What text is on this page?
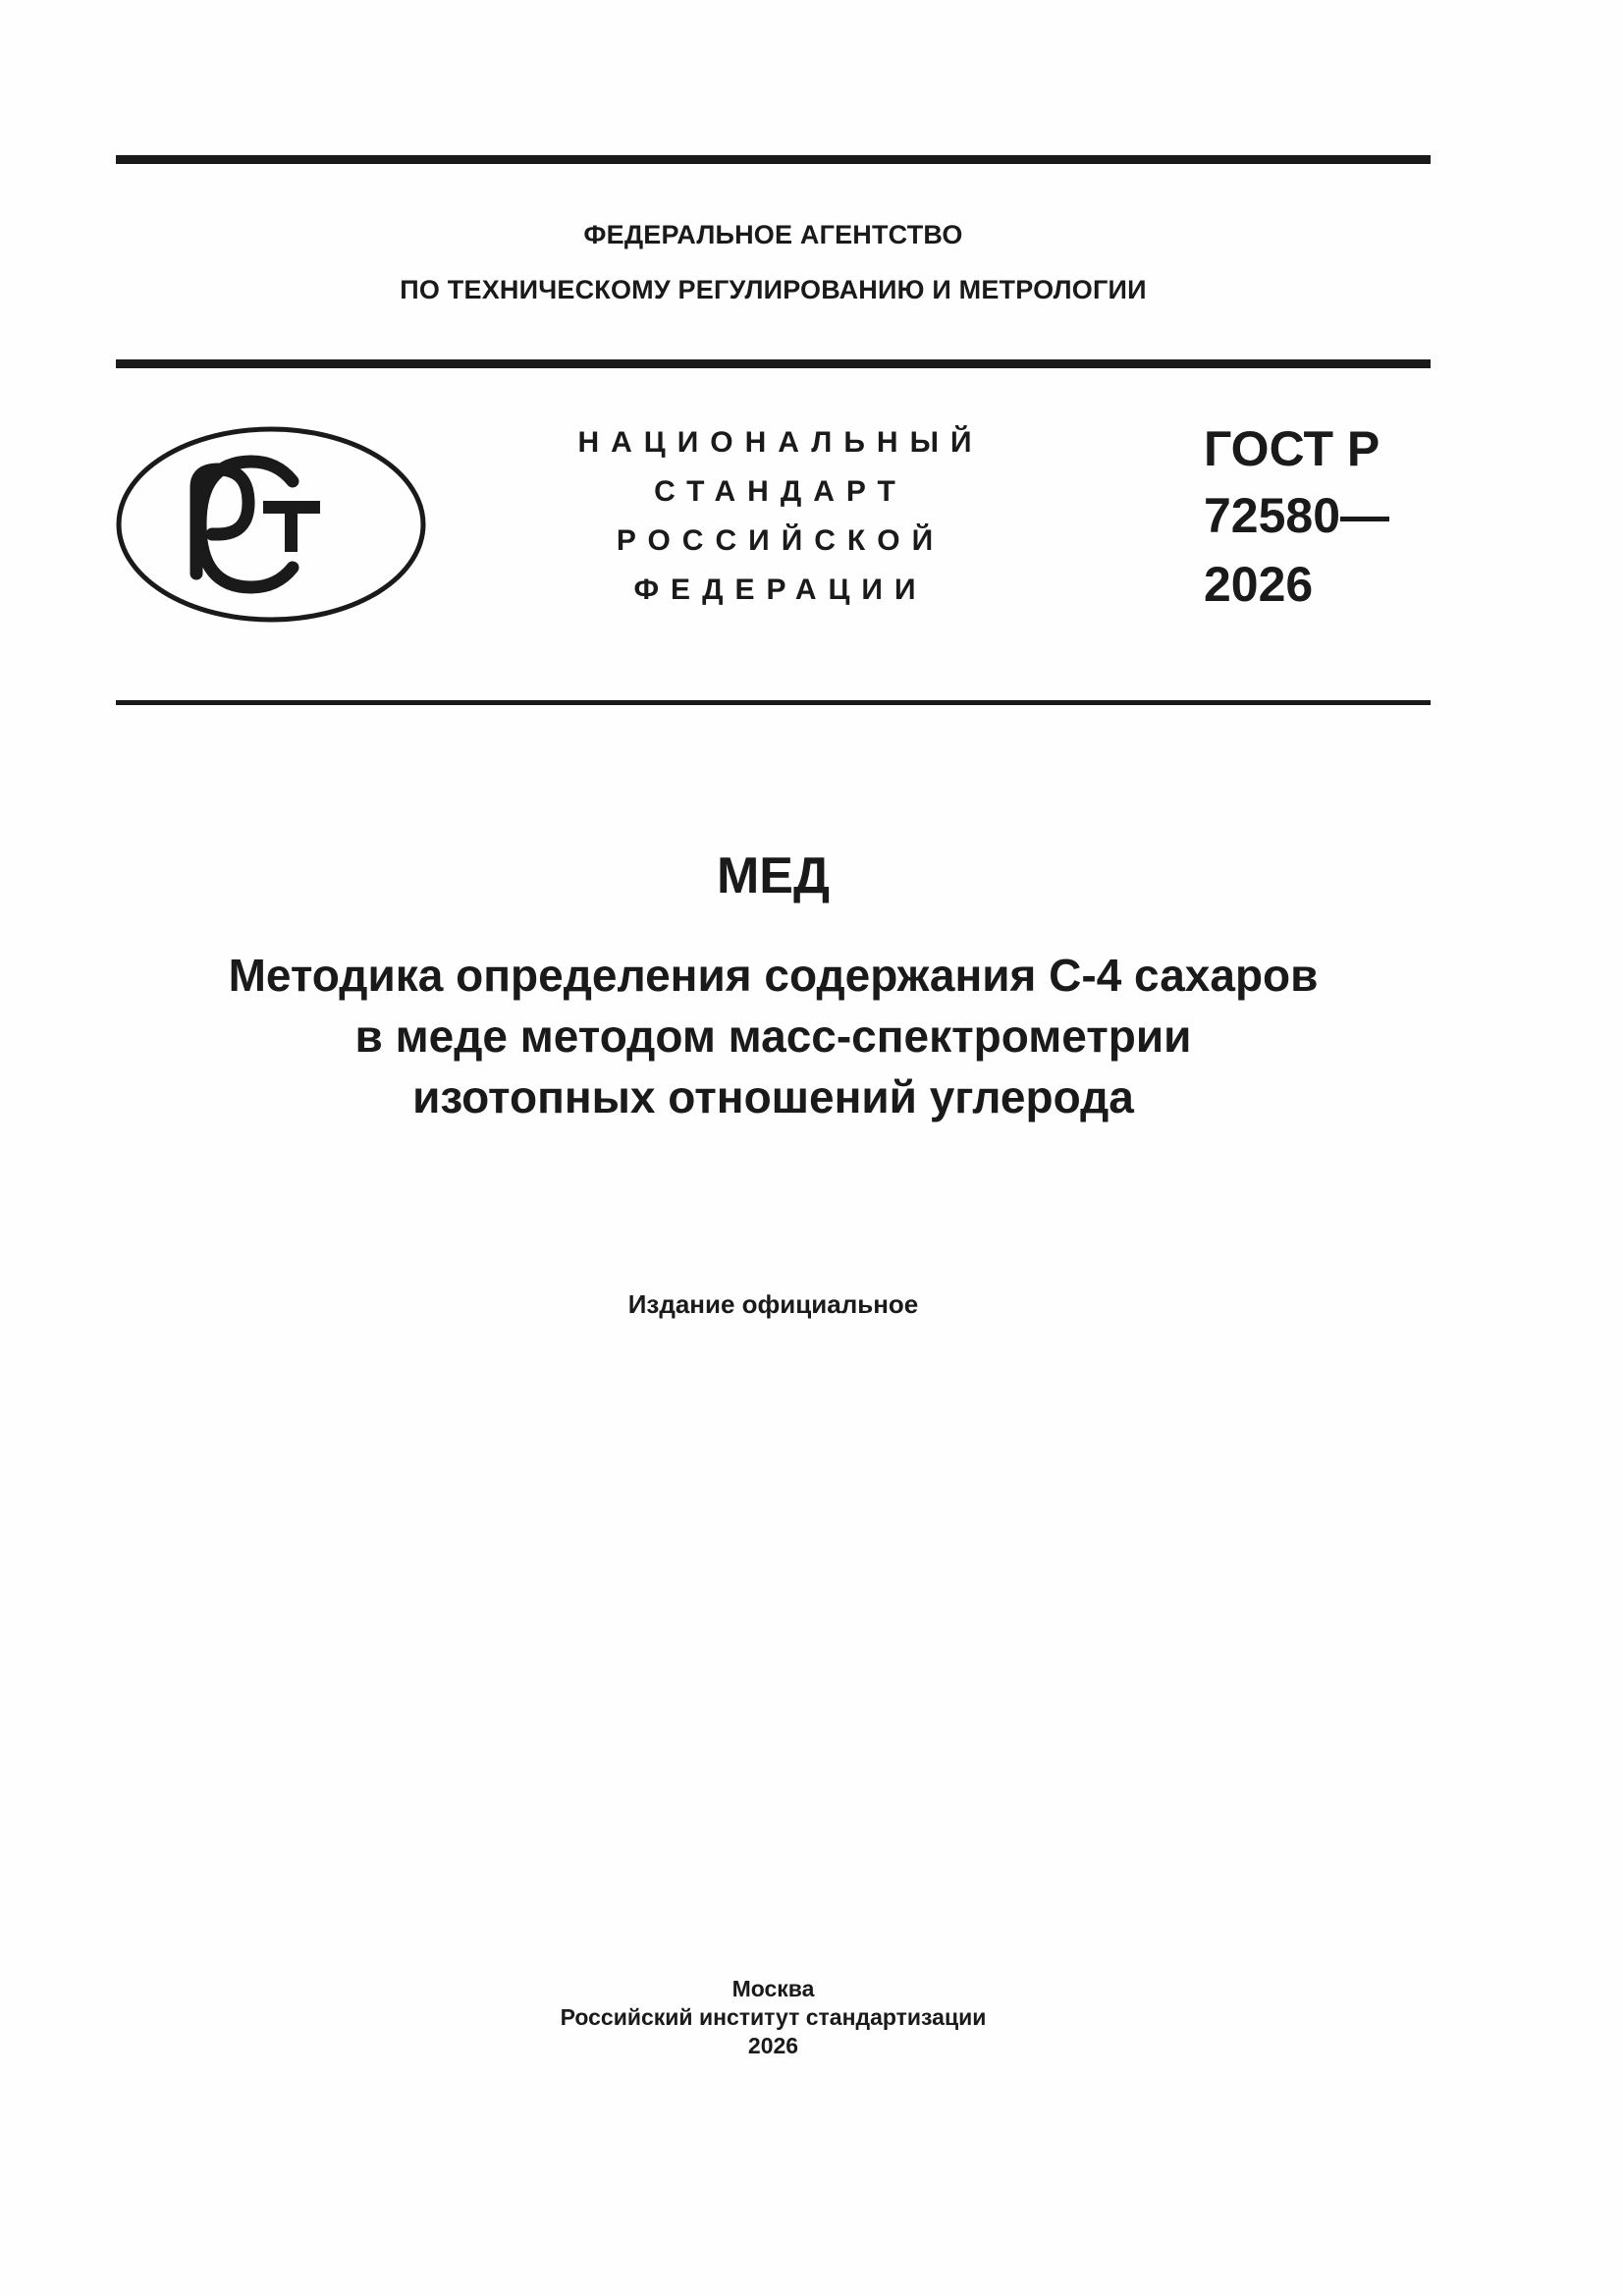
ФЕДЕРАЛЬНОЕ АГЕНТСТВО
ПО ТЕХНИЧЕСКОМУ РЕГУЛИРОВАНИЮ И МЕТРОЛОГИИ
НАЦИОНАЛЬНЫЙ
СТАНДАРТ
РОССИЙСКОЙ
ФЕДЕРАЦИИ
ГОСТ Р
72580—
2026
МЕД
Методика определения содержания С-4 сахаров
в меде методом масс-спектрометрии
изотопных отношений углерода
Издание официальное
Москва
Российский институт стандартизации
2026
